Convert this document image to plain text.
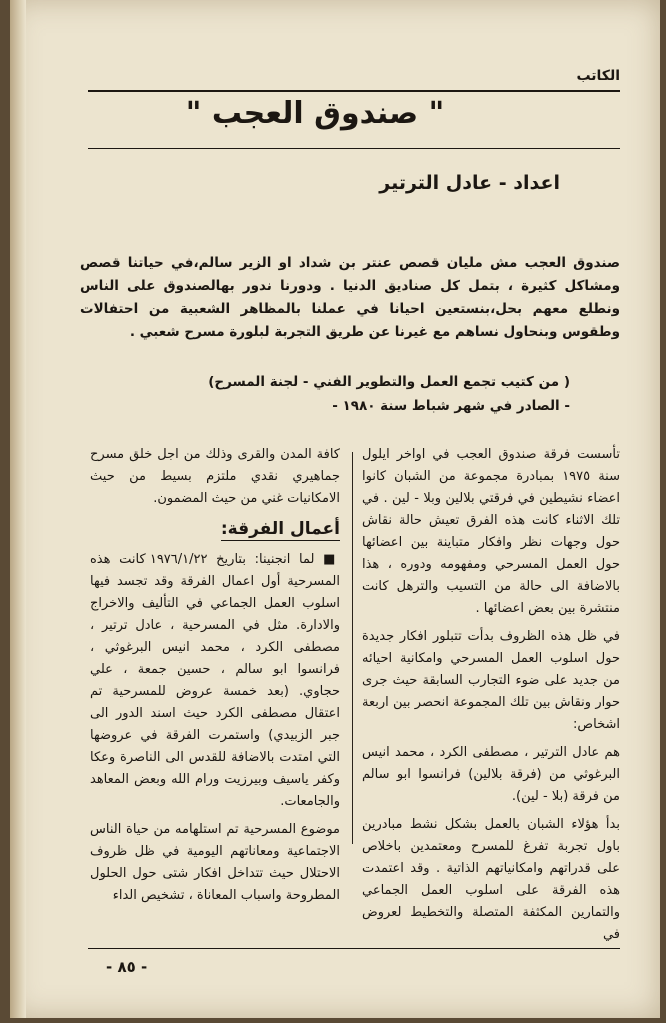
الكاتب
" صندوق العجب "
اعداد - عادل الترتير
صندوق العجب مش مليان قصص عنتر بن شداد او الزير سالم،في حياتنا قصص ومشاكل كثيرة ، بتمل كل صناديق الدنيا . ودورنا ندور بهالصندوق على الناس ونطلع معهم بحل،بنستعين احيانا في عملنا بالمظاهر الشعبية من احتفالات وطقوس وبنحاول نساهم مع غيرنا عن طريق التجربة لبلورة مسرح شعبي .
( من كتيب تجمع العمل والتطوير الفني - لجنة المسرح)
- الصادر في شهر شباط سنة ١٩٨٠ -

تأسست فرقة صندوق العجب في اواخر ايلول سنة ١٩٧٥ بمبادرة مجموعة من الشبان كانوا اعضاء نشيطين في فرقتي بلالين وبلا - لين . في تلك الاثناء كانت هذه الفرق تعيش حالة نقاش حول وجهات نظر وافكار متباينة بين اعضائها حول العمل المسرحي ومفهومه ودوره ، هذا بالاضافة الى حالة من التسيب والترهل كانت منتشرة بين بعض اعضائها .

في ظل هذه الظروف بدأت تتبلور افكار جديدة حول اسلوب العمل المسرحي وامكانية احيائه من جديد على ضوء التجارب السابقة حيث جرى حوار ونقاش بين تلك المجموعة انحصر بين اربعة اشخاص:

هم عادل الترتير ، مصطفى الكرد ، محمد انيس البرغوثي من (فرقة بلالين) فرانسوا ابو سالم من فرقة (بلا - لين).

بدأ هؤلاء الشبان بالعمل بشكل نشط مبادرين باول تجربة تفرغ للمسرح ومعتمدين باخلاص على قدراتهم وامكانياتهم الذاتية . وقد اعتمدت هذه الفرقة على اسلوب العمل الجماعي والتمارين المكثفة المتصلة والتخطيط لعروض في

كافة المدن والقرى وذلك من اجل خلق مسرح جماهيري نقدي ملتزم بسيط من حيث الامكانيات غني من حيث المضمون.

أعمال الفرقة:

■ لما انجنينا: بتاريخ ١٩٧٦/١/٢٢ كانت هذه المسرحية أول اعمال الفرقة وقد تجسد فيها اسلوب العمل الجماعي في التأليف والاخراج والادارة. مثل في المسرحية ، عادل ترتير ، مصطفى الكرد ، محمد انيس البرغوثي ، فرانسوا ابو سالم ، حسين جمعة ، علي حجاوي. (بعد خمسة عروض للمسرحية تم اعتقال مصطفى الكرد حيث اسند الدور الى جبر الزبيدي) واستمرت الفرقة في عروضها التي امتدت بالاضافة للقدس الى الناصرة وعكا وكفر ياسيف وبيرزيت ورام الله وبعض المعاهد والجامعات.

موضوع المسرحية تم استلهامه من حياة الناس الاجتماعية ومعاناتهم اليومية في ظل ظروف الاحتلال حيث تتداخل افكار شتى حول الحلول المطروحة واسباب المعاناة ، تشخيص الداء

- ٨٥ -
